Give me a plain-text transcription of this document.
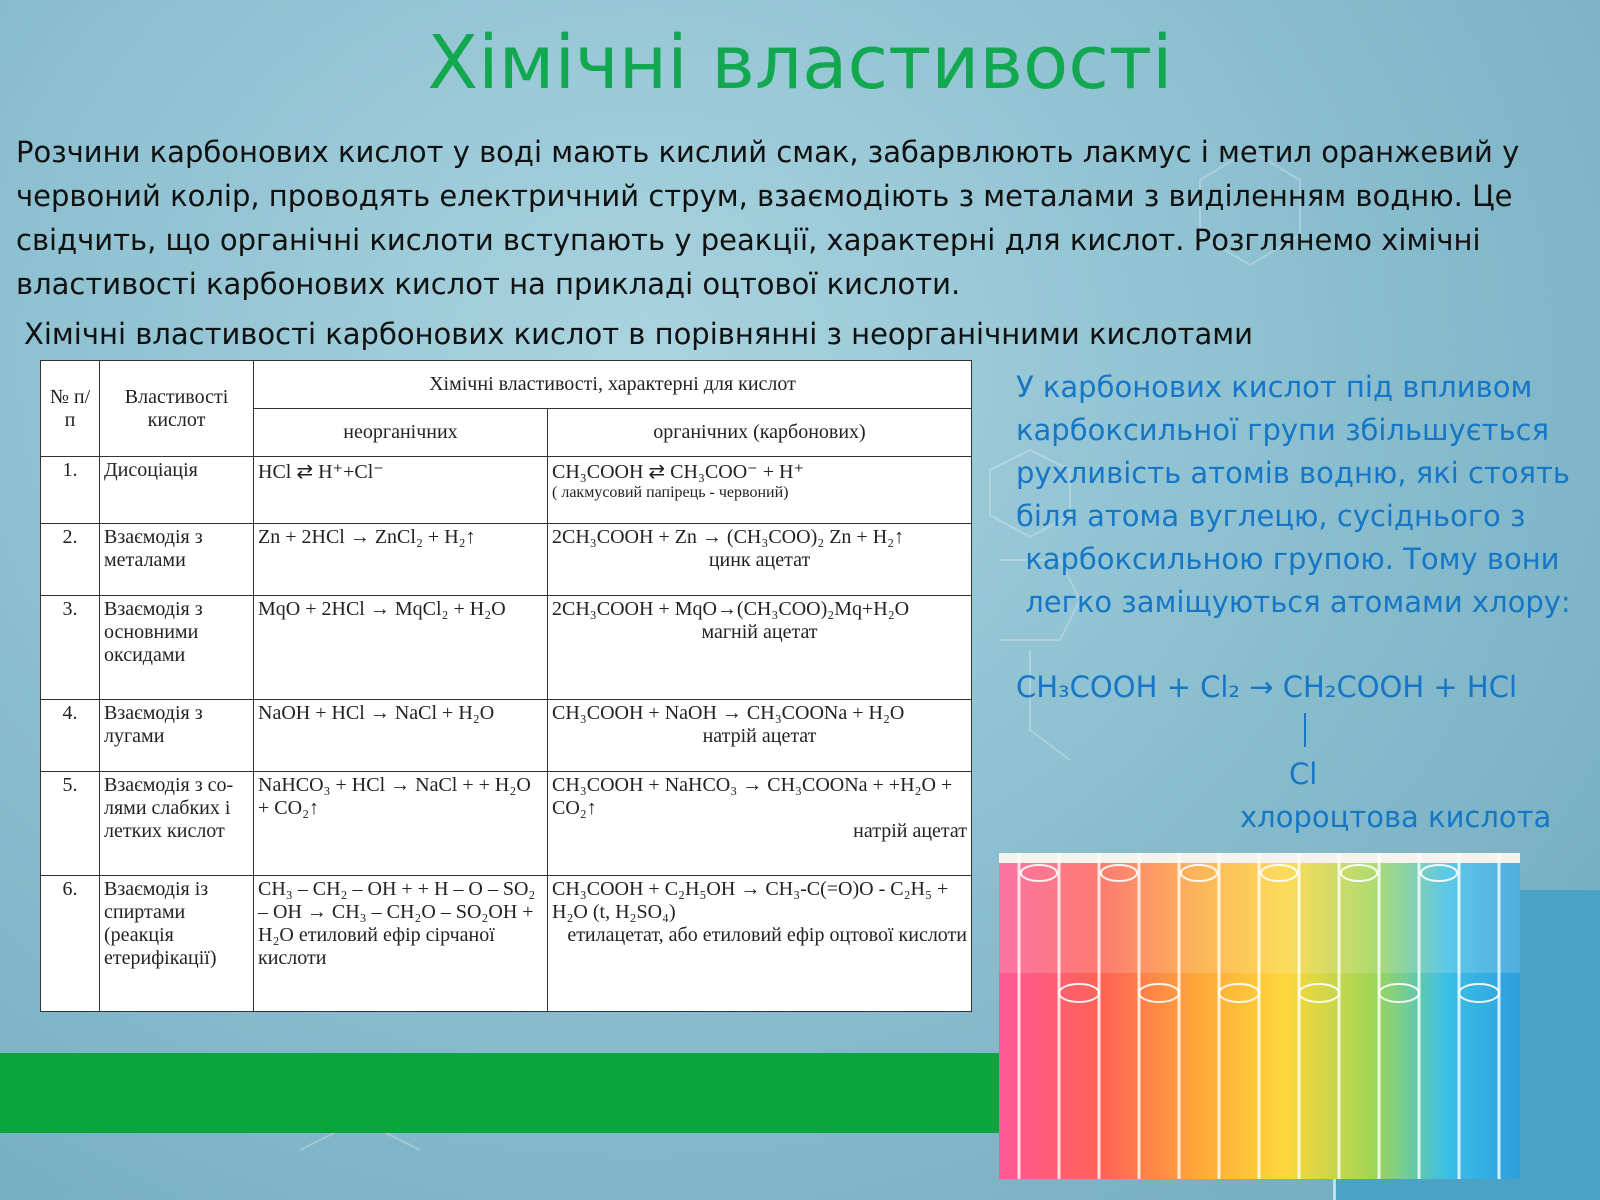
Хімічні властивості

Розчини карбонових кислот у воді мають кислий смак, забарвлюють лакмус і метил оранжевий у

червоний колір, проводять електричний струм, взаємодіють з металами з виділенням водню. Це

свідчить, що органічні кислоти вступають у реакції, характерні для кислот. Розглянемо хімічні

властивості карбонових кислот на прикладі оцтової кислоти.

Хімічні властивості карбонових кислот в порівнянні з неорганічними кислотами
№ п/п	Властивості кислот	Хімічні властивості, характерні для кислот	
		неорганічних	органічних (карбонових)
1.	Дисоціація	HCl ⇄ H⁺+Cl⁻	CH₃COOH ⇄ CH₃COO⁻ + H⁺
( лакмусовий папірець - червоний)

2.	Взаємодія з металами	Zn + 2HCl → ZnCl₂ + H₂↑	2CH₃COOH + Zn → (CH₃COO)₂ Zn + H₂↑
цинк ацетат

3.	Взаємодія з основними оксидами	MqO + 2HCl → MqCl₂ + H₂O	2CH₃COOH + MqO→(CH₃COO)₂Mq+H₂O
магній ацетат

4.	Взаємодія з лугами	NaOH + HCl → NaCl + H₂O	CH₃COOH + NaOH → CH₃COONa + H₂O
натрій ацетат

5.	Взаємодія з со-лями слабких і летких кислот	NaHCO₃ + HCl → NaCl + + H₂O + CO₂↑	CH₃COOH + NaHCO₃ → CH₃COONa + +H₂O + CO₂↑
натрій ацетат

6.	Взаємодія із спиртами (реакція етерифікації)	CH₃ – CH₂ – OH + + H – O – SO₂ – OH → CH₃ – CH₂O – SO₂OH + H₂O етиловий ефір сірчаної кислоти	CH₃COOH + C₂H₅OH → CH₃-C(=O)O - C₂H₅ + H₂O (t, H₂SO₄)
етилацетат, або етиловий ефір оцтової кислоти

У карбонових кислот під впливом

карбоксильної групи збільшується

рухливість атомів водню, які стоять

біля атома вуглецю, сусіднього з

карбоксильною групою. Тому вони

легко заміщуються атомами хлору:

CH₃COOH + Cl₂ → CH₂COOH + HCl
Cl
хлороцтова кислота
